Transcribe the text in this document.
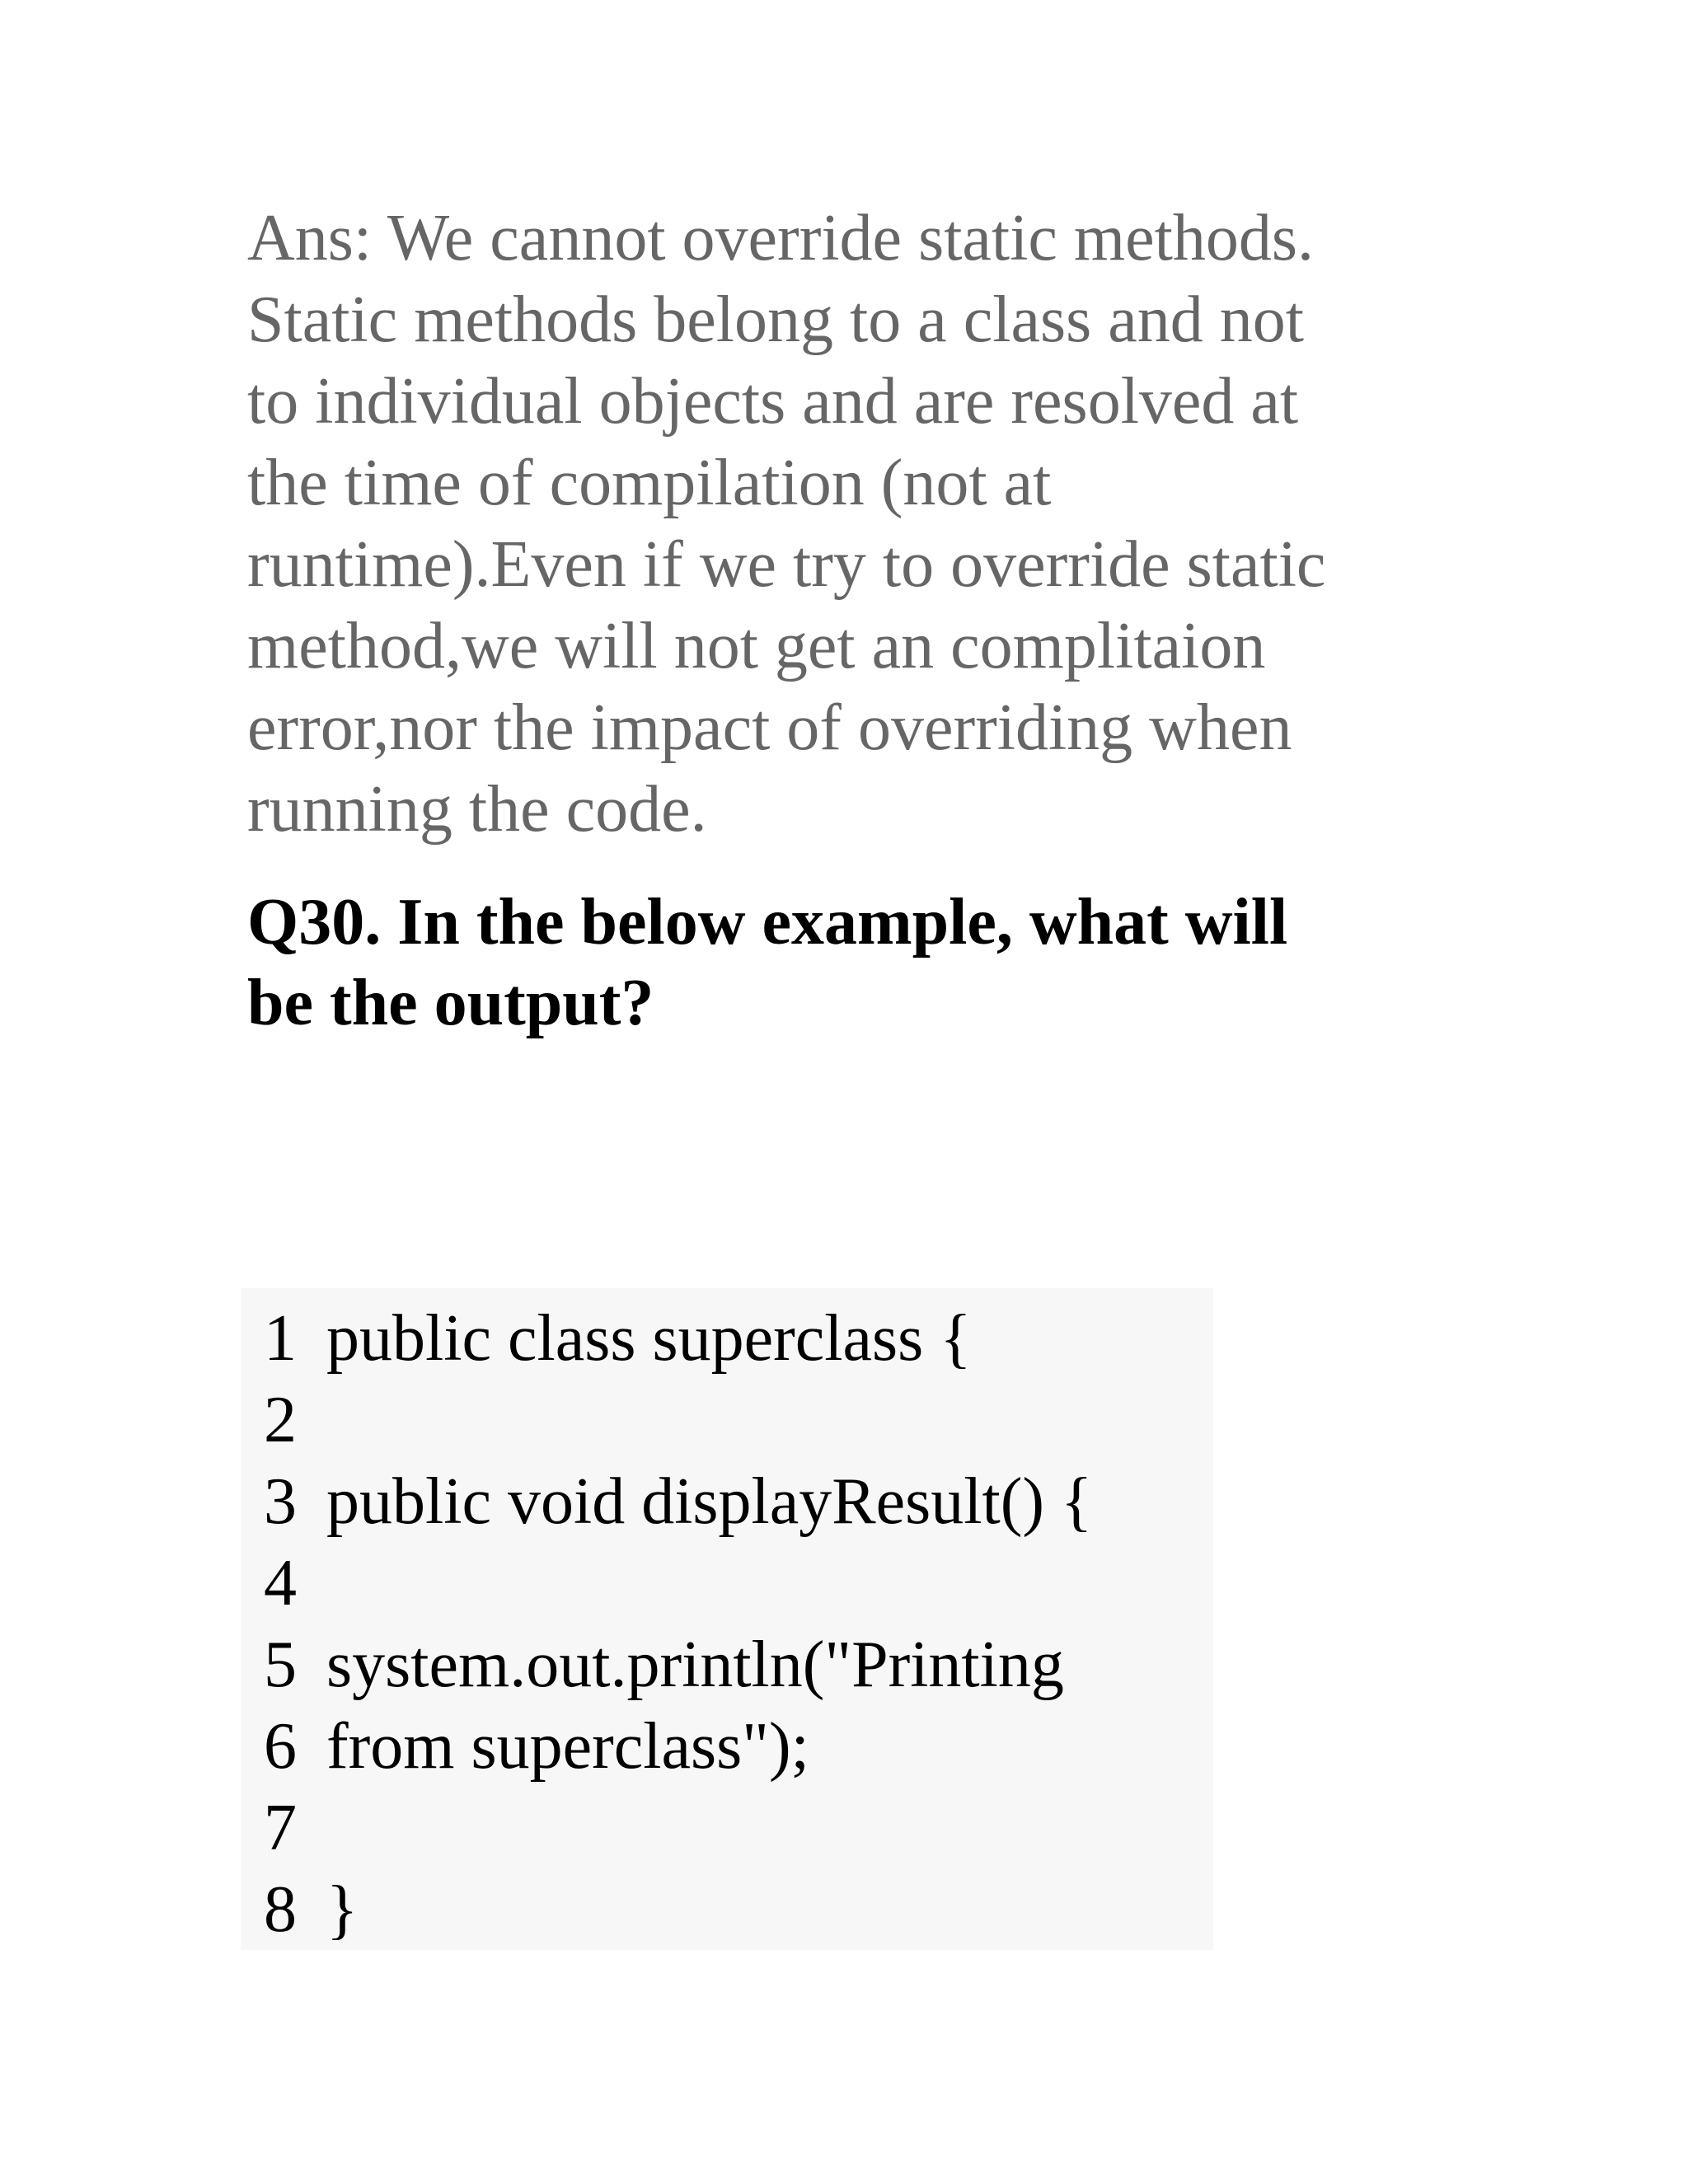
Ans: We cannot override static methods.
Static methods belong to a class and not
to individual objects and are resolved at
the time of compilation (not at
runtime).Even if we try to override static
method,we will not get an complitaion
error,nor the impact of overriding when
running the code.
Q30. In the below example, what will
be the output?
1 public class superclass {
2
3 public void displayResult() {
4
5 system.out.println("Printing
6 from superclass");
7
8 }
